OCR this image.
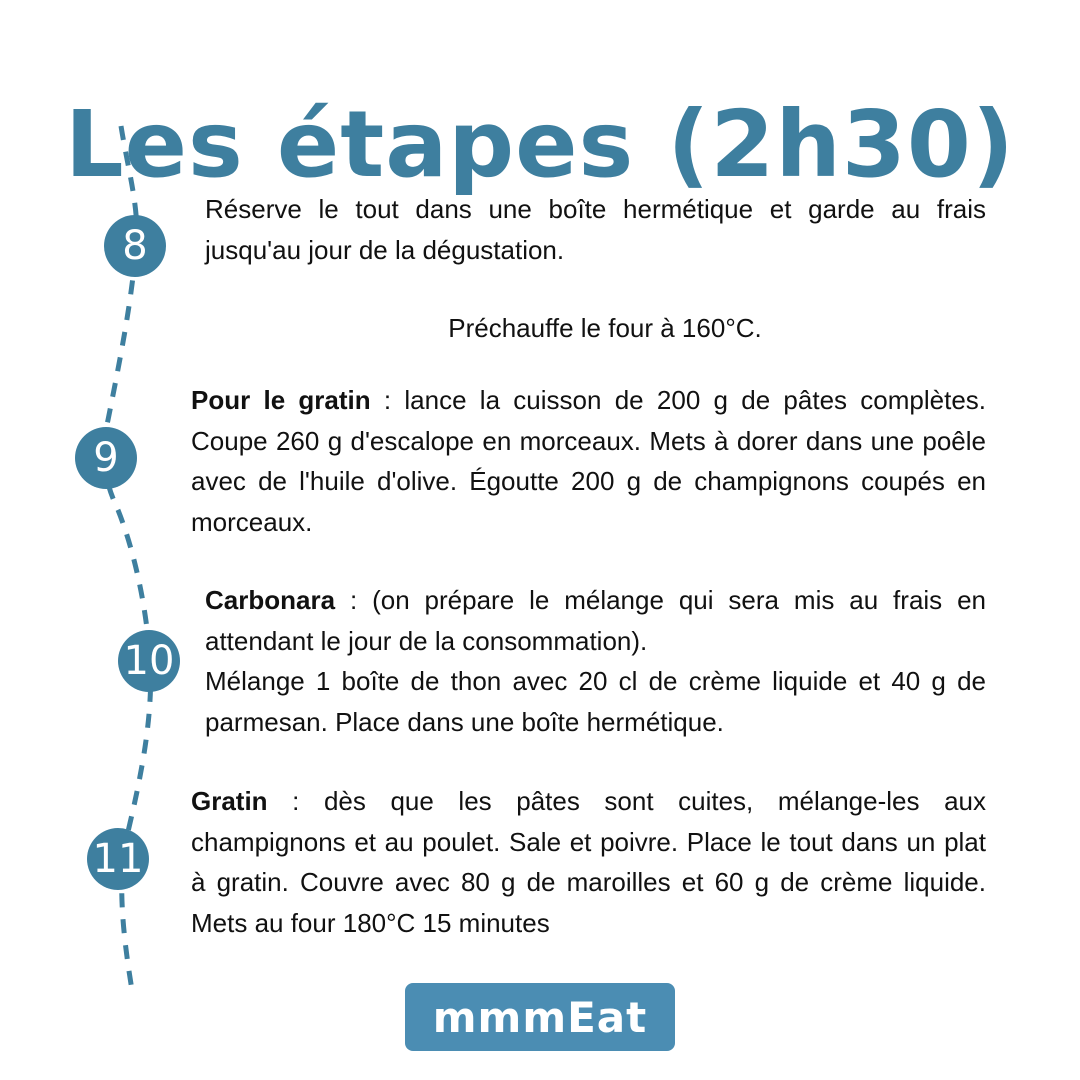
Les étapes (2h30)
8

Réserve le tout dans une boîte hermétique et garde au frais jusqu'au jour de la dégustation.

Préchauffe le four à 160°C.

9

Pour le gratin : lance la cuisson de 200 g de pâtes complètes. Coupe 260 g d'escalope en morceaux. Mets à dorer dans une poêle avec de l'huile d'olive. Égoutte 200 g de champignons coupés en morceaux.

10

Carbonara : (on prépare le mélange qui sera mis au frais en attendant le jour de la consommation).

Mélange 1 boîte de thon avec 20 cl de crème liquide et 40 g de parmesan. Place dans une boîte hermétique.

11

Gratin : dès que les pâtes sont cuites, mélange-les aux champignons et au poulet. Sale et poivre. Place le tout dans un plat à gratin. Couvre avec 80 g de maroilles et 60 g de crème liquide. Mets au four 180°C 15 minutes

mmmEat
